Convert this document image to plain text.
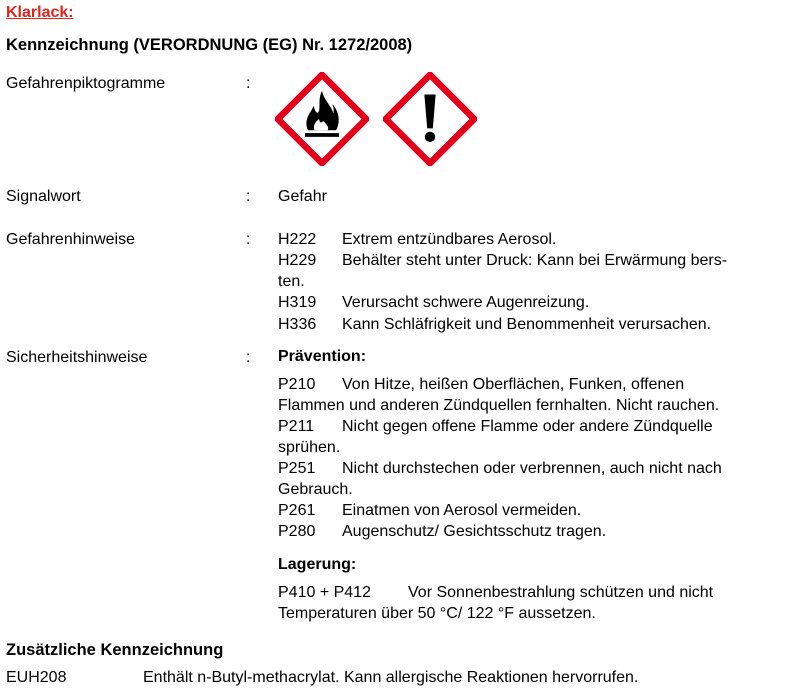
Klarlack:
Kennzeichnung (VERORDNUNG (EG) Nr. 1272/2008)
Gefahrenpiktogramme	:
Signalwort	: Gefahr
Gefahrenhinweise	: H222 Extrem entzündbares Aerosol.
H229 Behälter steht unter Druck: Kann bei Erwärmung bers-
ten.
H319 Verursacht schwere Augenreizung.
H336 Kann Schläfrigkeit und Benommenheit verursachen.
Sicherheitshinweise	: Prävention:
P210 Von Hitze, heißen Oberflächen, Funken, offenen
Flammen und anderen Zündquellen fernhalten. Nicht rauchen.
P211 Nicht gegen offene Flamme oder andere Zündquelle
sprühen.
P251 Nicht durchstechen oder verbrennen, auch nicht nach
Gebrauch.
P261 Einatmen von Aerosol vermeiden.
P280 Augenschutz/ Gesichtsschutz tragen.
Lagerung:
P410 + P412 Vor Sonnenbestrahlung schützen und nicht
Temperaturen über 50 °C/ 122 °F aussetzen.
Zusätzliche Kennzeichnung
EUH208	Enthält n-Butyl-methacrylat. Kann allergische Reaktionen hervorrufen.
